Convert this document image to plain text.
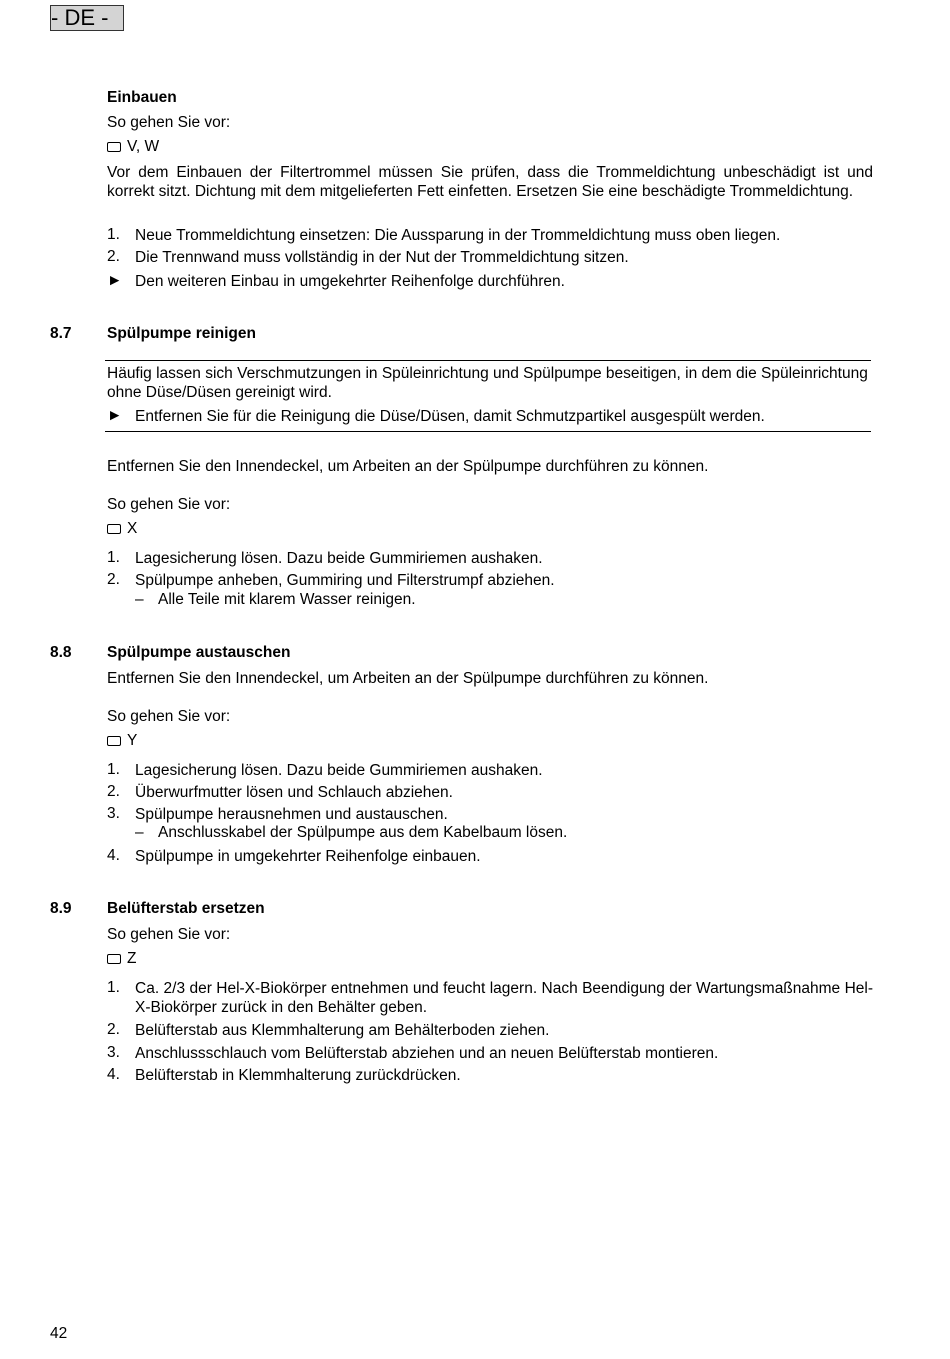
- DE -
Einbauen
So gehen Sie vor:
V, W
Vor dem Einbauen der Filtertrommel müssen Sie prüfen, dass die Trommeldichtung unbeschädigt ist und korrekt sitzt. Dichtung mit dem mitgelieferten Fett einfetten. Ersetzen Sie eine beschädigte Trommeldichtung.
1. Neue Trommeldichtung einsetzen: Die Aussparung in der Trommeldichtung muss oben liegen.
2. Die Trennwand muss vollständig in der Nut der Trommeldichtung sitzen.
► Den weiteren Einbau in umgekehrter Reihenfolge durchführen.
8.7 Spülpumpe reinigen
Häufig lassen sich Verschmutzungen in Spüleinrichtung und Spülpumpe beseitigen, in dem die Spüleinrichtung ohne Düse/Düsen gereinigt wird.
► Entfernen Sie für die Reinigung die Düse/Düsen, damit Schmutzpartikel ausgespült werden.
Entfernen Sie den Innendeckel, um Arbeiten an der Spülpumpe durchführen zu können.
So gehen Sie vor:
X
1. Lagesicherung lösen. Dazu beide Gummiriemen aushaken.
2. Spülpumpe anheben, Gummiring und Filterstrumpf abziehen.
– Alle Teile mit klarem Wasser reinigen.
8.8 Spülpumpe austauschen
Entfernen Sie den Innendeckel, um Arbeiten an der Spülpumpe durchführen zu können.
So gehen Sie vor:
Y
1. Lagesicherung lösen. Dazu beide Gummiriemen aushaken.
2. Überwurfmutter lösen und Schlauch abziehen.
3. Spülpumpe herausnehmen und austauschen.
– Anschlusskabel der Spülpumpe aus dem Kabelbaum lösen.
4. Spülpumpe in umgekehrter Reihenfolge einbauen.
8.9 Belüfterstab ersetzen
So gehen Sie vor:
Z
1. Ca. 2/3 der Hel-X-Biokörper entnehmen und feucht lagern. Nach Beendigung der Wartungsmaßnahme Hel-X-Biokörper zurück in den Behälter geben.
2. Belüfterstab aus Klemmhalterung am Behälterboden ziehen.
3. Anschlussschlauch vom Belüfterstab abziehen und an neuen Belüfterstab montieren.
4. Belüfterstab in Klemmhalterung zurückdrücken.
42
